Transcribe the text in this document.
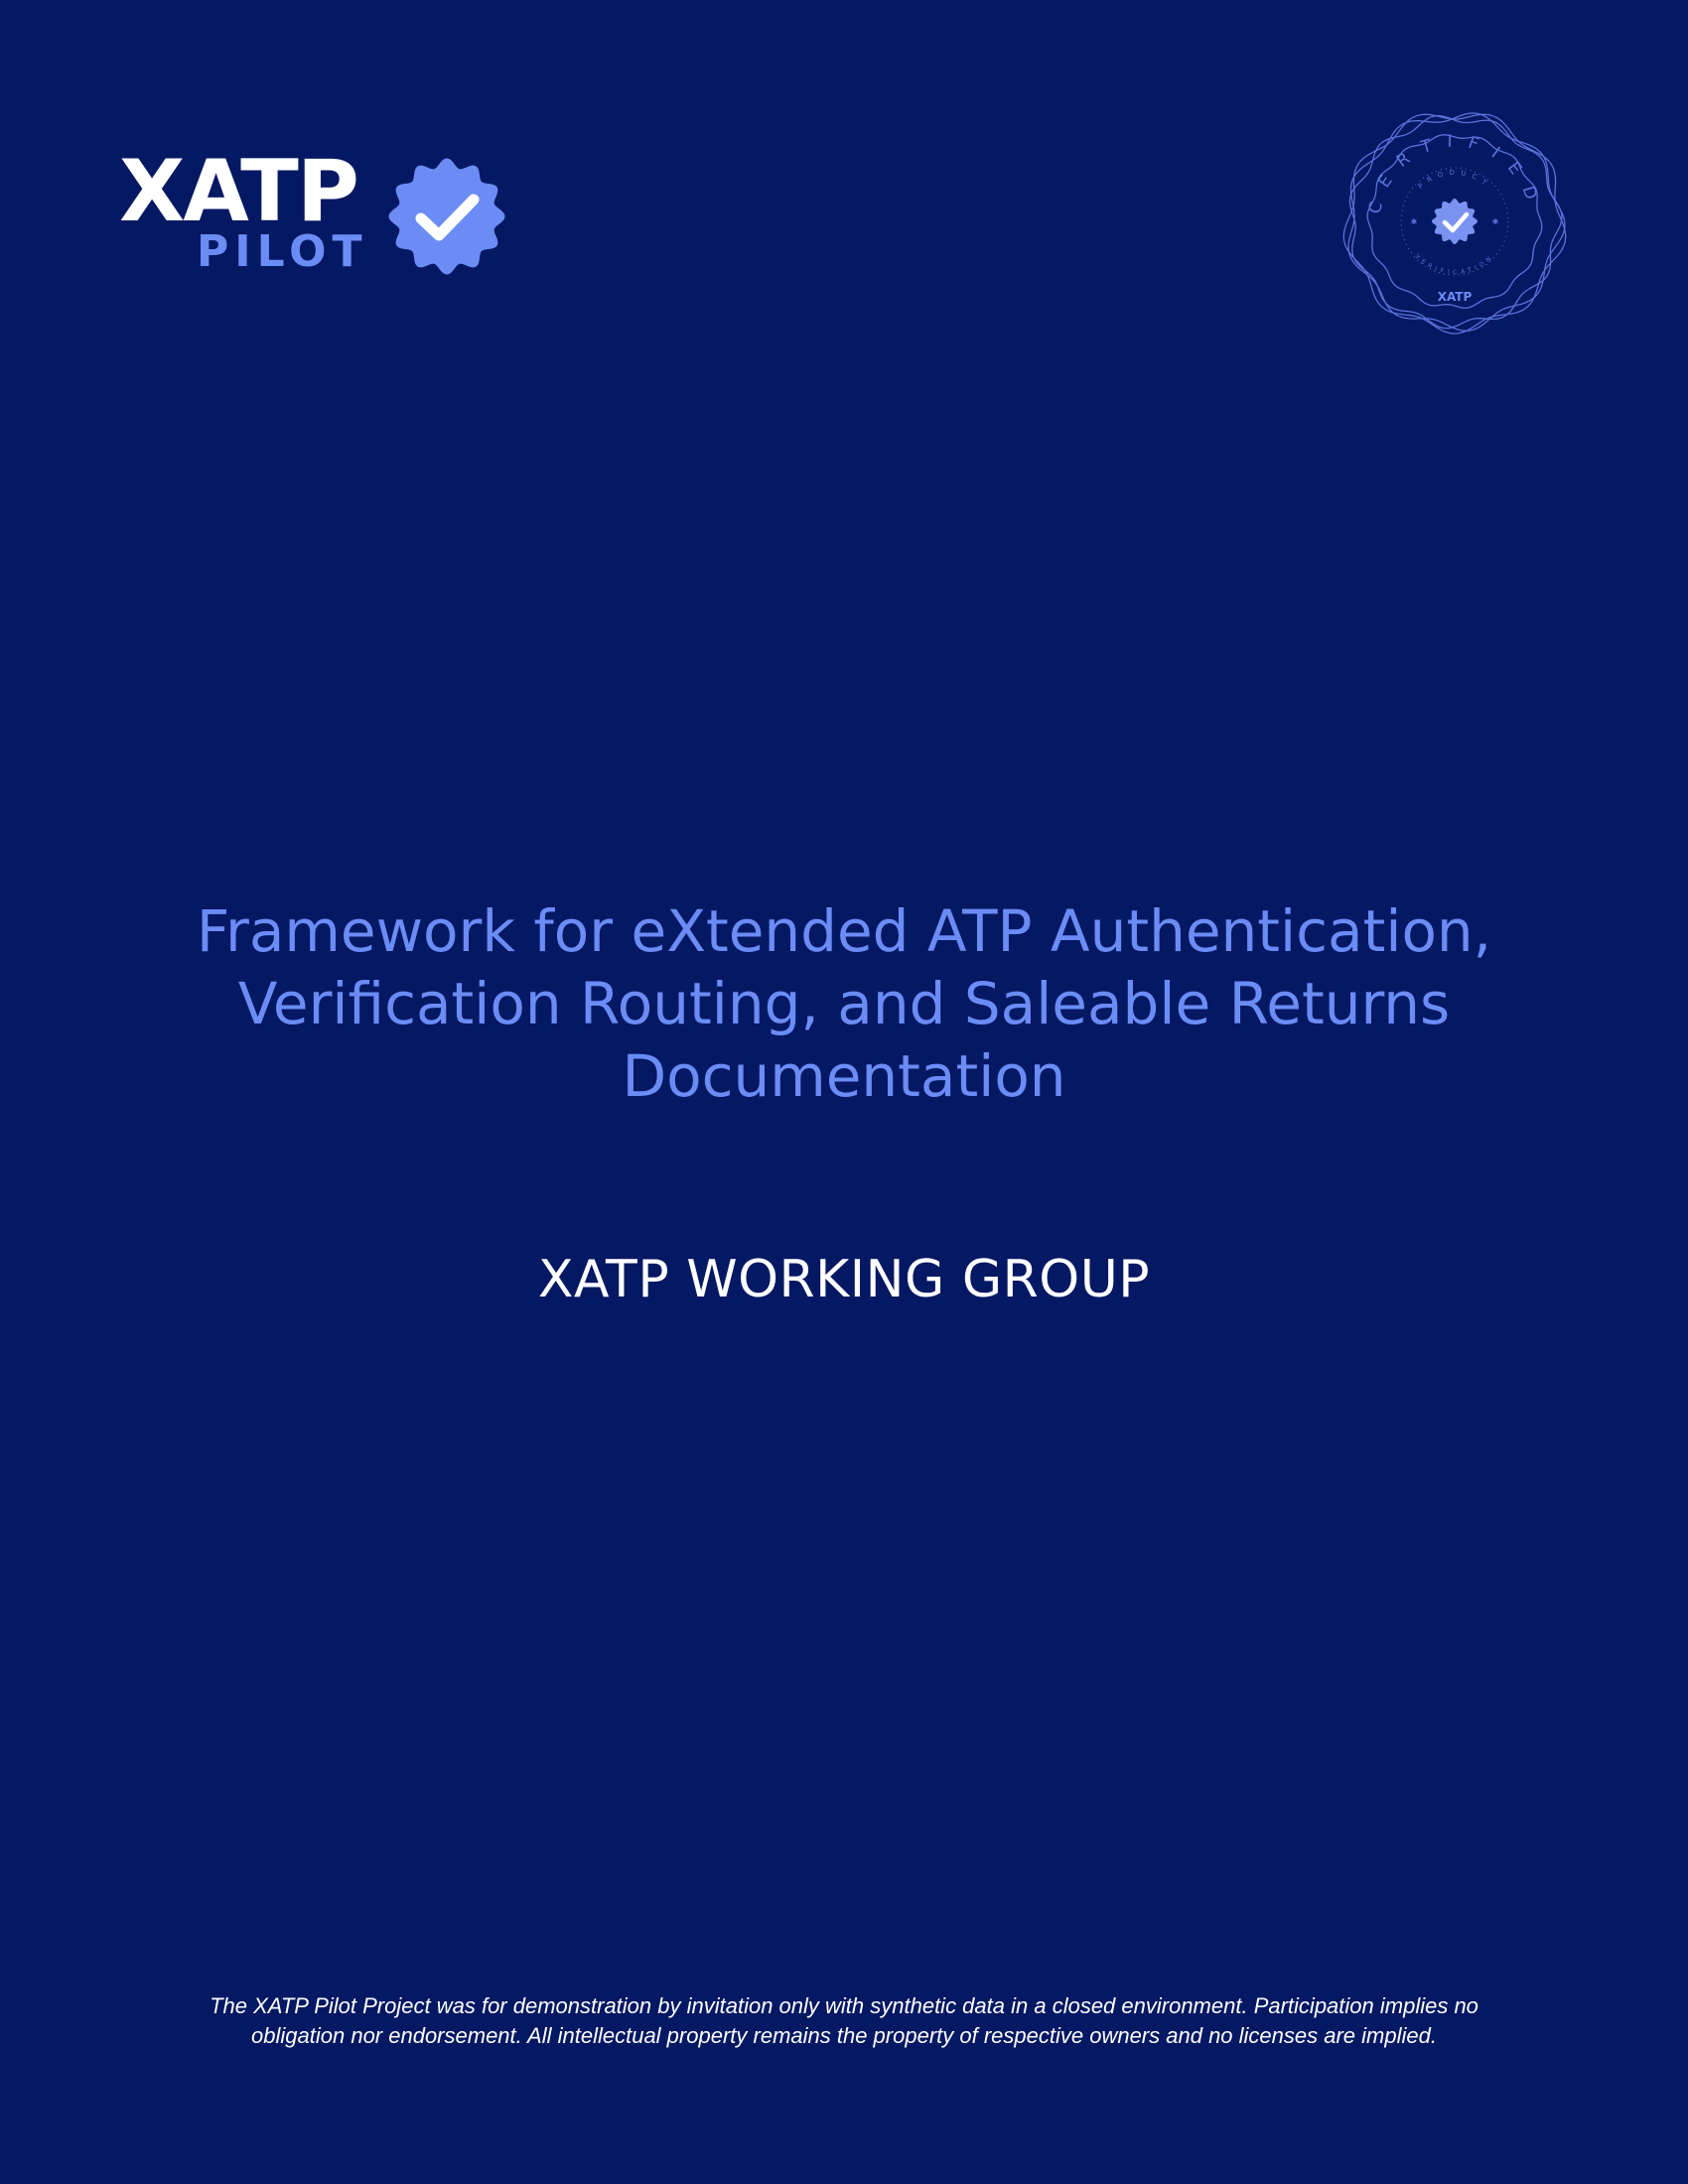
XATP
PILOT
CERTIFIED
PRODUCT
VERIFICATION
✱	✱
XATP
Framework for eXtended ATP Authentication,
Verification Routing, and Saleable Returns
Documentation
XATP WORKING GROUP

The XATP Pilot Project was for demonstration by invitation only with synthetic data in a closed environment. Participation implies no
obligation nor endorsement. All intellectual property remains the property of respective owners and no licenses are implied.
